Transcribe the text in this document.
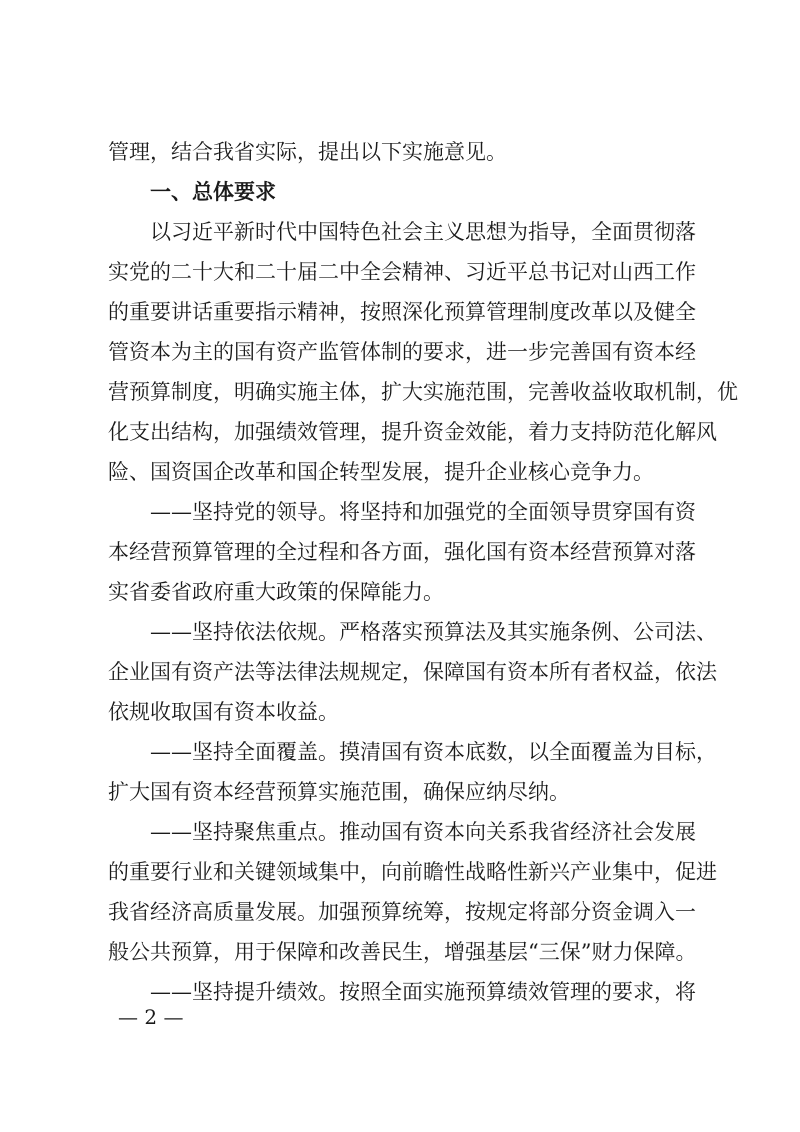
管理，结合我省实际，提出以下实施意见。
一、总体要求
以习近平新时代中国特色社会主义思想为指导，全面贯彻落
实党的二十大和二十届二中全会精神、习近平总书记对山西工作
的重要讲话重要指示精神，按照深化预算管理制度改革以及健全
管资本为主的国有资产监管体制的要求，进一步完善国有资本经
营预算制度，明确实施主体，扩大实施范围，完善收益收取机制，优
化支出结构，加强绩效管理，提升资金效能，着力支持防范化解风
险、国资国企改革和国企转型发展，提升企业核心竞争力。
——坚持党的领导。将坚持和加强党的全面领导贯穿国有资
本经营预算管理的全过程和各方面，强化国有资本经营预算对落
实省委省政府重大政策的保障能力。
——坚持依法依规。严格落实预算法及其实施条例、公司法、
企业国有资产法等法律法规规定，保障国有资本所有者权益，依法
依规收取国有资本收益。
——坚持全面覆盖。摸清国有资本底数，以全面覆盖为目标，
扩大国有资本经营预算实施范围，确保应纳尽纳。
——坚持聚焦重点。推动国有资本向关系我省经济社会发展
的重要行业和关键领域集中，向前瞻性战略性新兴产业集中，促进
我省经济高质量发展。加强预算统筹，按规定将部分资金调入一
般公共预算，用于保障和改善民生，增强基层“三保”财力保障。
——坚持提升绩效。按照全面实施预算绩效管理的要求，将
— 2 —
